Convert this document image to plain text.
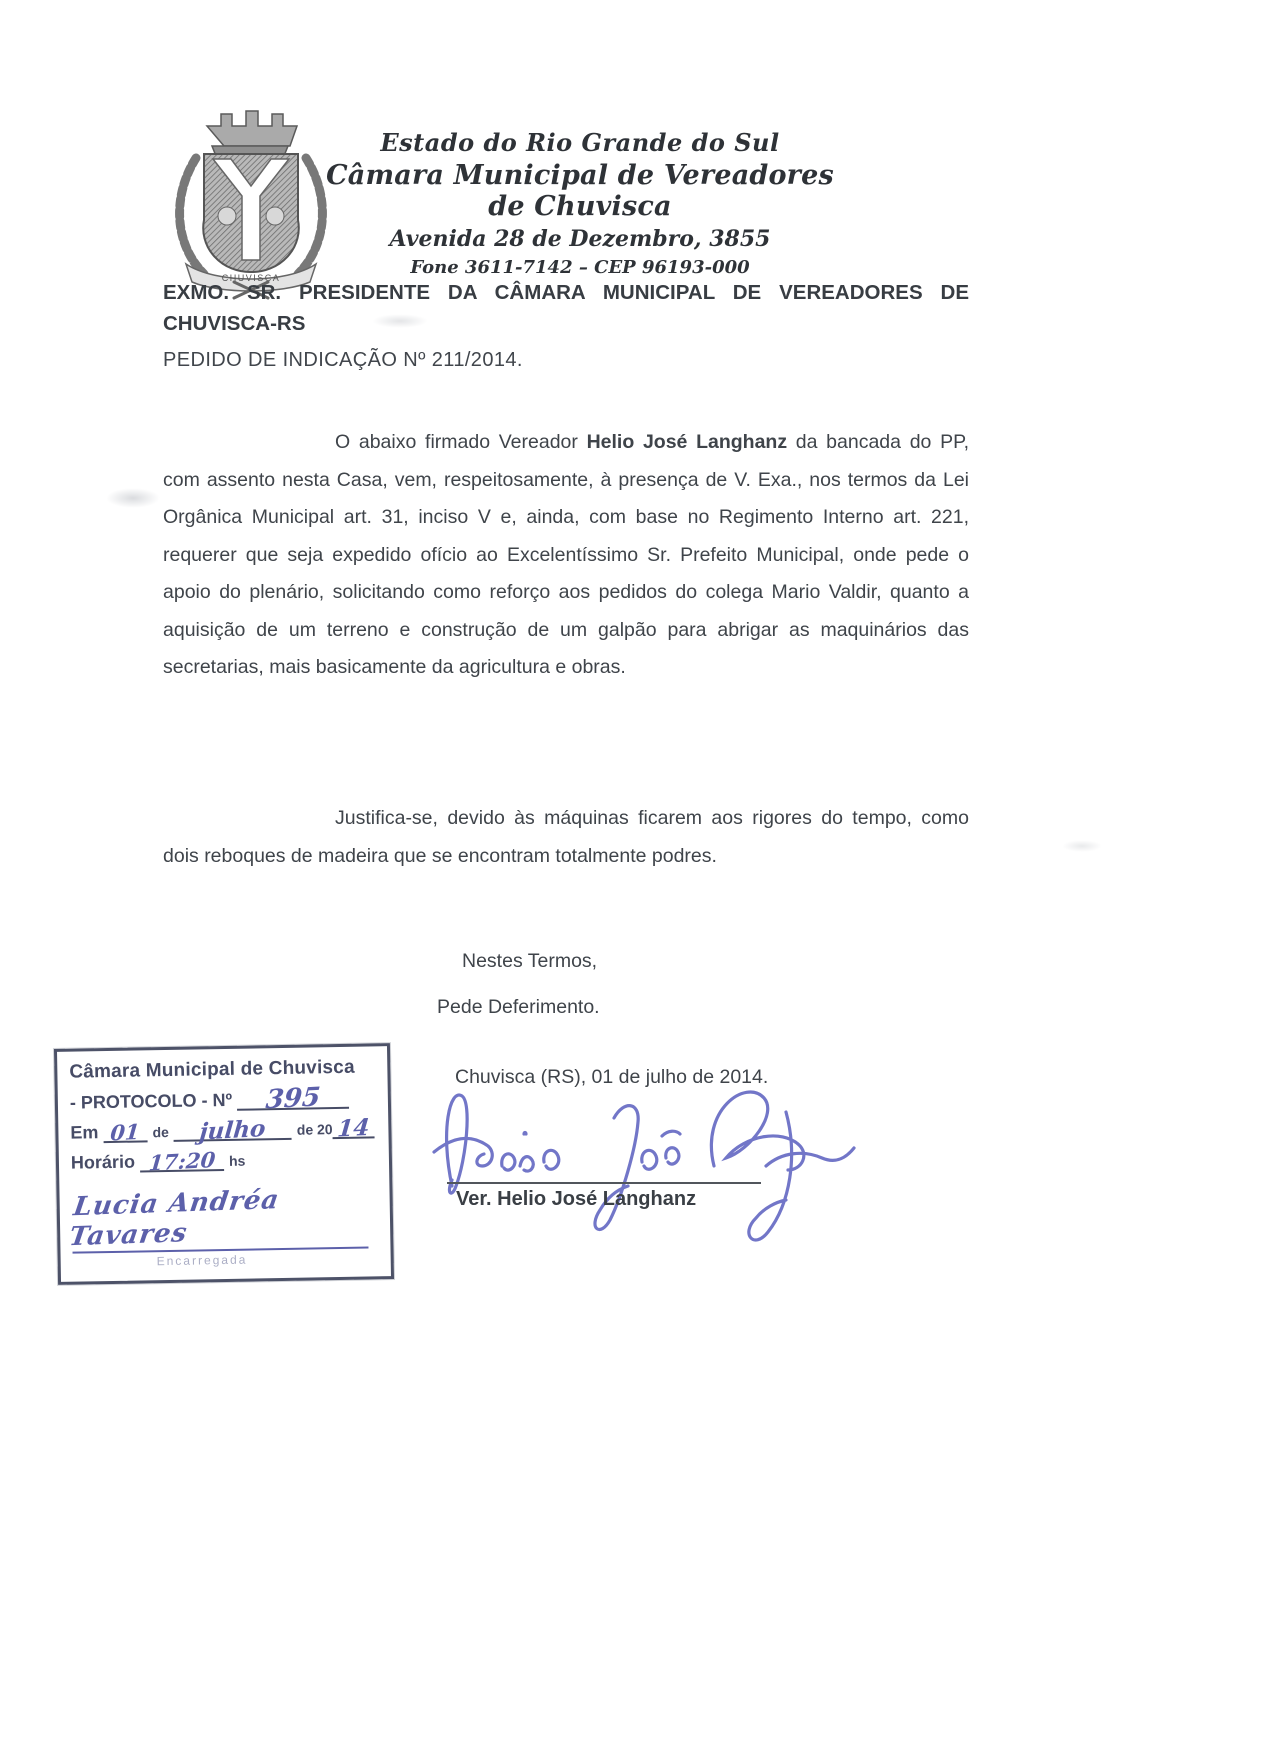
CHUVISCA
Estado do Rio Grande do Sul
Câmara Municipal de Vereadores de Chuvisca
Avenida 28 de Dezembro, 3855
Fone 3611-7142 – CEP 96193-000
EXMO. SR. PRESIDENTE DA CÂMARA MUNICIPAL DE VEREADORES DE
CHUVISCA-RS
PEDIDO DE INDICAÇÃO Nº 211/2014.

O abaixo firmado Vereador Helio José Langhanz da bancada do PP, com assento nesta Casa, vem, respeitosamente, à presença de V. Exa., nos termos da Lei Orgânica Municipal art. 31, inciso V e, ainda, com base no Regimento Interno art. 221, requerer que seja expedido ofício ao Excelentíssimo Sr. Prefeito Municipal, onde pede o apoio do plenário, solicitando como reforço aos pedidos do colega Mario Valdir, quanto a aquisição de um terreno e construção de um galpão para abrigar as maquinários das secretarias, mais basicamente da agricultura e obras.

Justifica-se, devido às máquinas ficarem aos rigores do tempo, como dois reboques de madeira que se encontram totalmente podres.

Nestes Termos,
Pede Deferimento.
Chuvisca (RS), 01 de julho de 2014.
Ver. Helio José Langhanz
Câmara Municipal de Chuvisca
- PROTOCOLO - Nº 395
Em 01 de julho de 20 14
Horário 17:20 hs
Lucia Andréa Tavares
Encarregada
